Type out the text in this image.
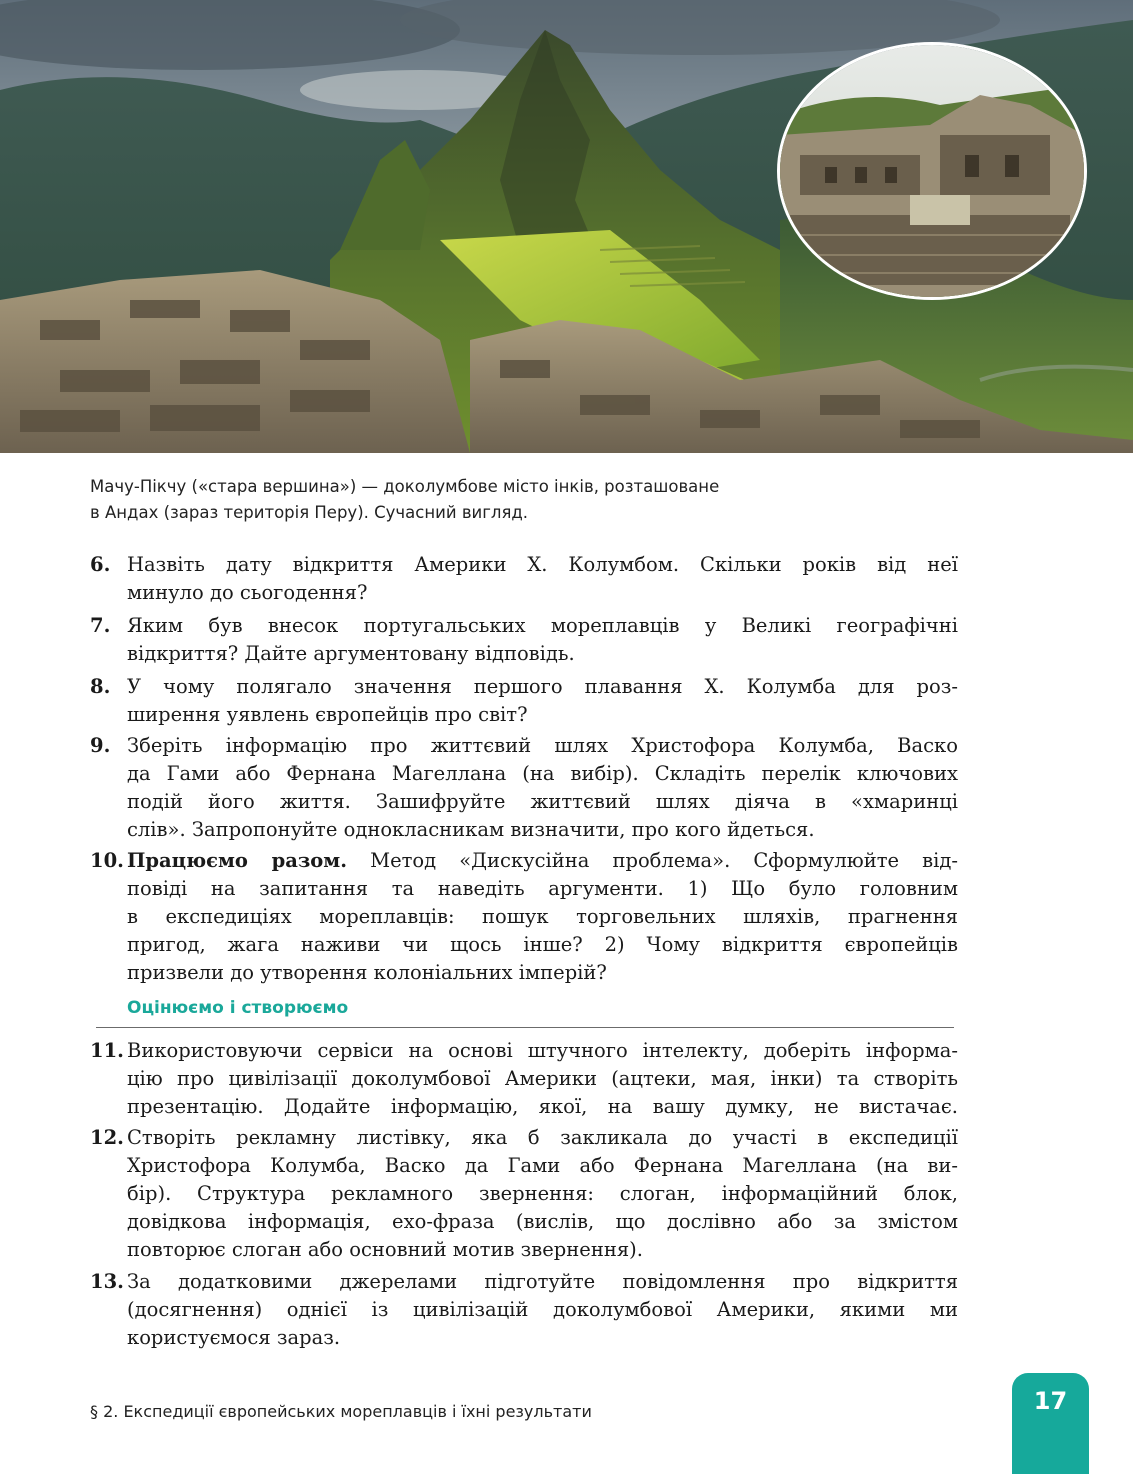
Мачу-Пікчу («стара вершина») — доколумбове місто інків, розташоване
в Андах (зараз територія Перу). Сучасний вигляд.
6. Назвіть дату відкриття Америки Х. Колумбом. Скільки років від неї
минуло до сьогодення?
7. Яким був внесок португальських мореплавців у Великі географічні
відкриття? Дайте аргументовану відповідь.
8. У чому полягало значення першого плавання Х. Колумба для роз-
ширення уявлень європейців про світ?
9. Зберіть інформацію про життєвий шлях Христофора Колумба, Васко
да Гами або Фернана Магеллана (на вибір). Складіть перелік ключових
подій його життя. Зашифруйте життєвий шлях діяча в «хмаринці
слів». Запропонуйте однокласникам визначити, про кого йдеться.
10. Працюємо разом. Метод «Дискусійна проблема». Сформулюйте від-
повіді на запитання та наведіть аргументи. 1) Що було головним
в експедиціях мореплавців: пошук торговельних шляхів, прагнення
пригод, жага наживи чи щось інше? 2) Чому відкриття європейців
призвели до утворення колоніальних імперій?
Оцінюємо і створюємо
11. Використовуючи сервіси на основі штучного інтелекту, доберіть інформа-
цію про цивілізації доколумбової Америки (ацтеки, мая, інки) та створіть
презентацію. Додайте інформацію, якої, на вашу думку, не вистачає.
12. Створіть рекламну листівку, яка б закликала до участі в експедиції
Христофора Колумба, Васко да Гами або Фернана Магеллана (на ви-
бір). Структура рекламного звернення: слоган, інформаційний блок,
довідкова інформація, ехо-фраза (вислів, що дослівно або за змістом
повторює слоган або основний мотив звернення).
13. За додатковими джерелами підготуйте повідомлення про відкриття
(досягнення) однієї із цивілізацій доколумбової Америки, якими ми
користуємося зараз.
§ 2. Експедиції європейських мореплавців і їхні результати	17
